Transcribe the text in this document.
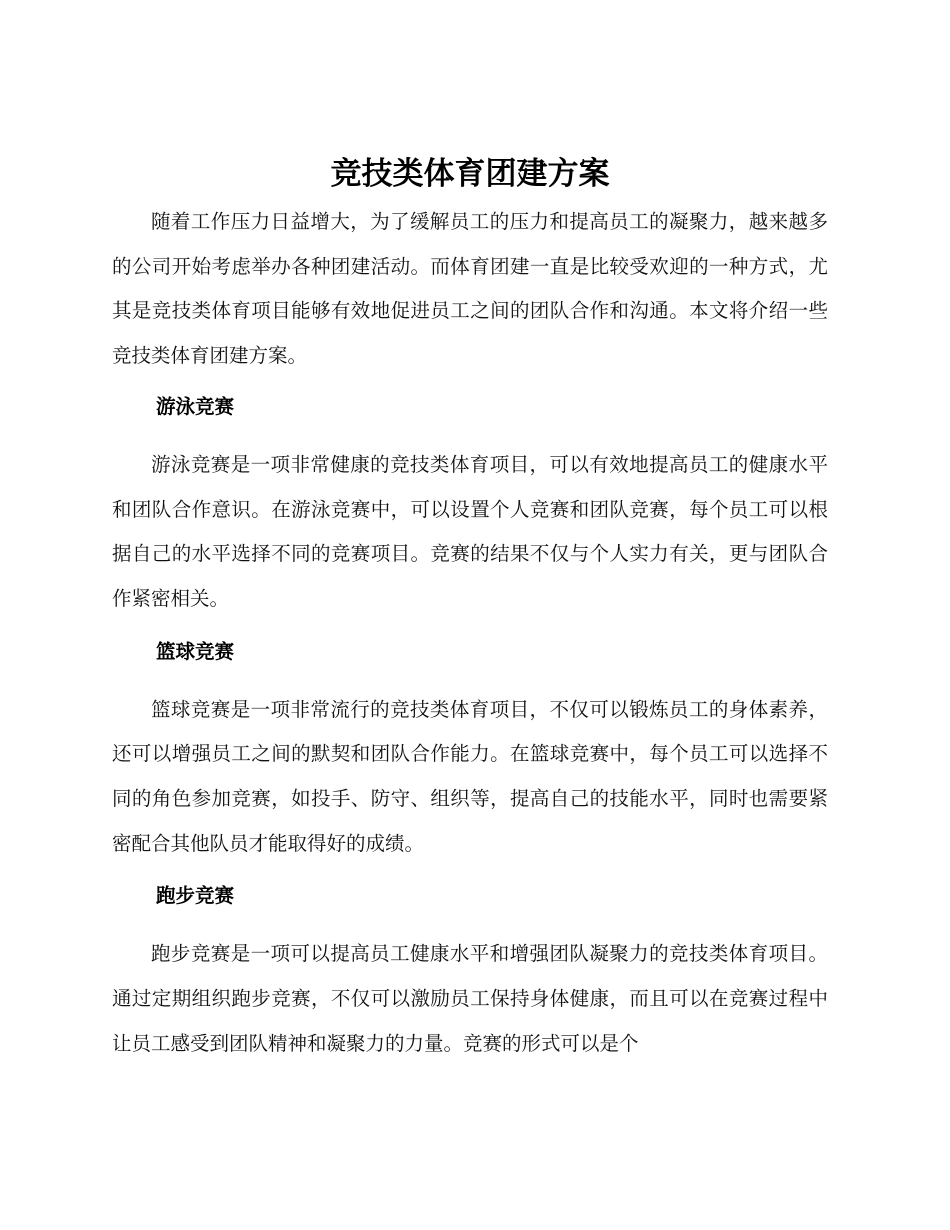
竞技类体育团建方案

随着工作压力日益增大，为了缓解员工的压力和提高员工的凝聚力，越来越多的公司开始考虑举办各种团建活动。而体育团建一直是比较受欢迎的一种方式，尤其是竞技类体育项目能够有效地促进员工之间的团队合作和沟通。本文将介绍一些竞技类体育团建方案。

游泳竞赛

游泳竞赛是一项非常健康的竞技类体育项目，可以有效地提高员工的健康水平和团队合作意识。在游泳竞赛中，可以设置个人竞赛和团队竞赛，每个员工可以根据自己的水平选择不同的竞赛项目。竞赛的结果不仅与个人实力有关，更与团队合作紧密相关。

篮球竞赛

篮球竞赛是一项非常流行的竞技类体育项目，不仅可以锻炼员工的身体素养，还可以增强员工之间的默契和团队合作能力。在篮球竞赛中，每个员工可以选择不同的角色参加竞赛，如投手、防守、组织等，提高自己的技能水平，同时也需要紧密配合其他队员才能取得好的成绩。

跑步竞赛

跑步竞赛是一项可以提高员工健康水平和增强团队凝聚力的竞技类体育项目。通过定期组织跑步竞赛，不仅可以激励员工保持身体健康，而且可以在竞赛过程中让员工感受到团队精神和凝聚力的力量。竞赛的形式可以是个
